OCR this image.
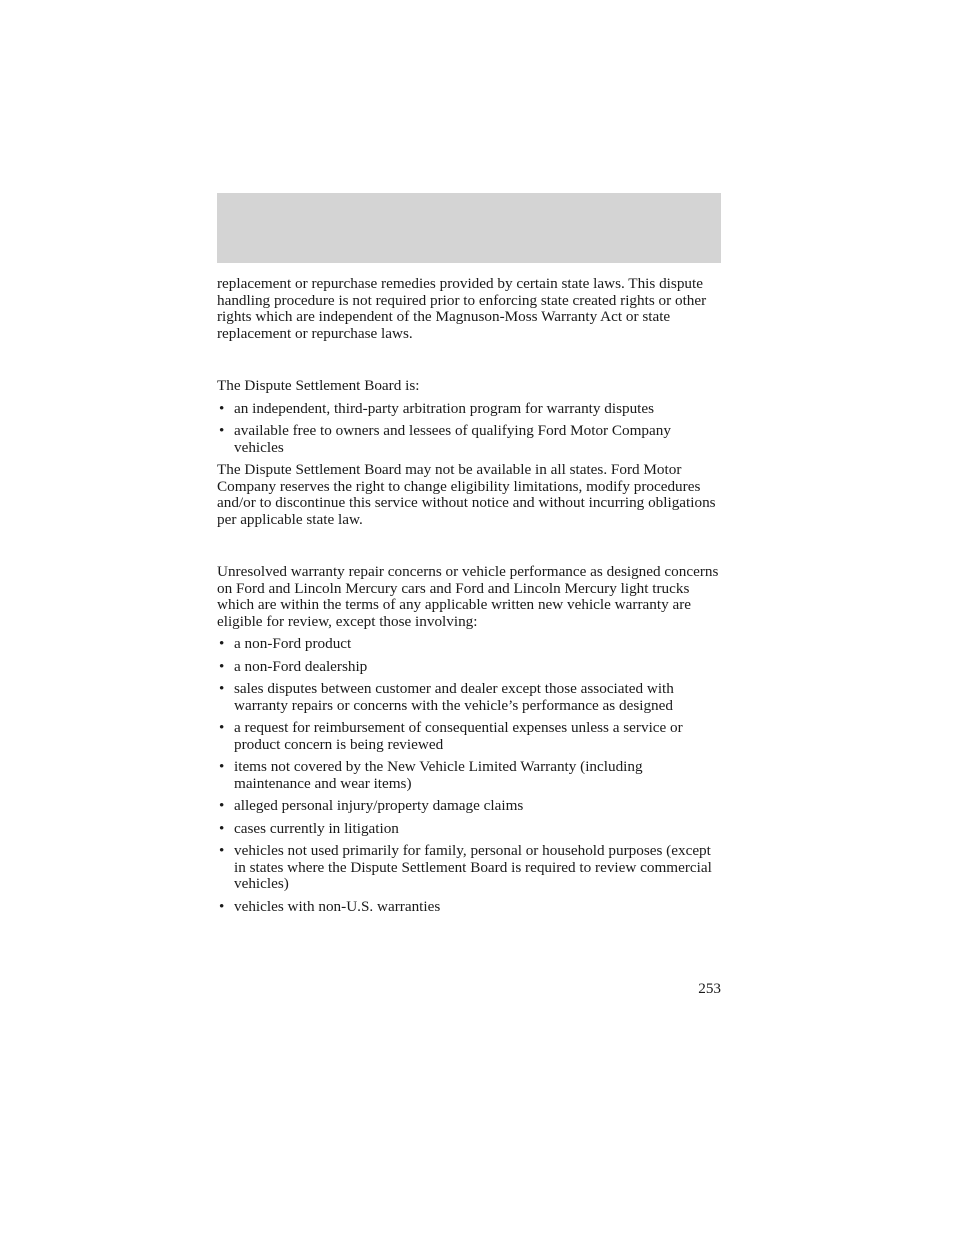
replacement or repurchase remedies provided by certain state laws. This dispute handling procedure is not required prior to enforcing state created rights or other rights which are independent of the Magnuson-Moss Warranty Act or state replacement or repurchase laws.

The Dispute Settlement Board is:

• an independent, third-party arbitration program for warranty disputes
• available free to owners and lessees of qualifying Ford Motor Company vehicles

The Dispute Settlement Board may not be available in all states. Ford Motor Company reserves the right to change eligibility limitations, modify procedures and/or to discontinue this service without notice and without incurring obligations per applicable state law.

Unresolved warranty repair concerns or vehicle performance as designed concerns on Ford and Lincoln Mercury cars and Ford and Lincoln Mercury light trucks which are within the terms of any applicable written new vehicle warranty are eligible for review, except those involving:

• a non-Ford product
• a non-Ford dealership
• sales disputes between customer and dealer except those associated with warranty repairs or concerns with the vehicle’s performance as designed
• a request for reimbursement of consequential expenses unless a service or product concern is being reviewed
• items not covered by the New Vehicle Limited Warranty (including maintenance and wear items)
• alleged personal injury/property damage claims
• cases currently in litigation
• vehicles not used primarily for family, personal or household purposes (except in states where the Dispute Settlement Board is required to review commercial vehicles)
• vehicles with non-U.S. warranties
253
